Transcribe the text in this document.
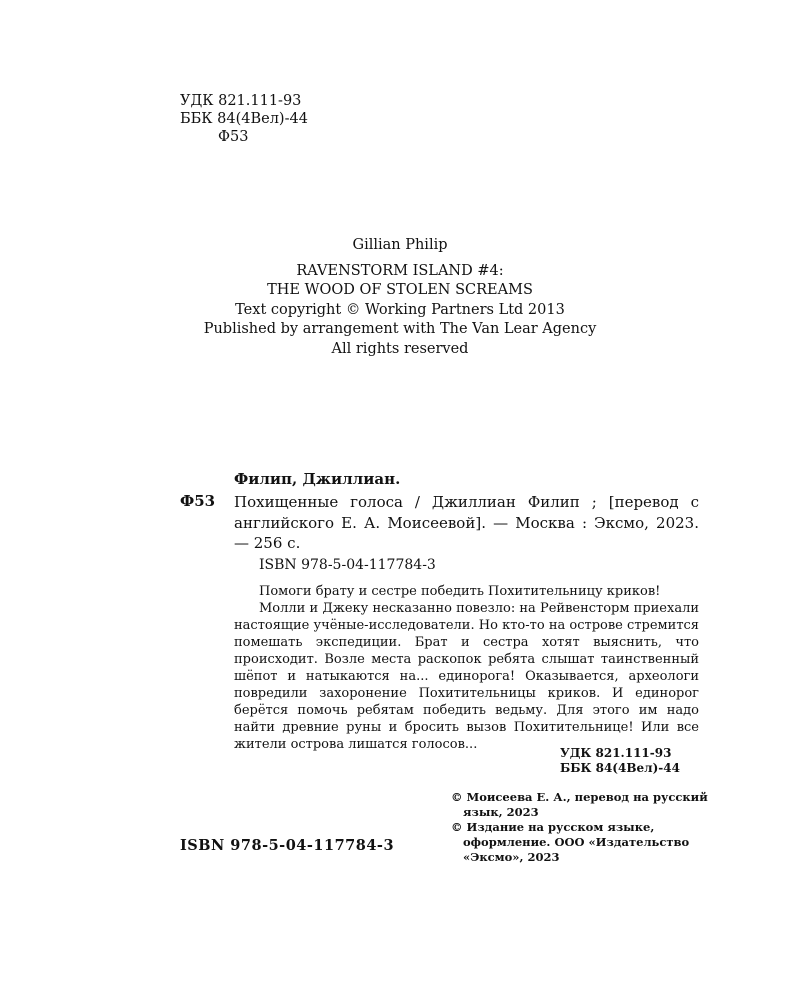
УДК 821.111-93
ББК 84(4Вел)-44
Ф53
Gillian Philip
RAVENSTORM ISLAND #4:
THE WOOD OF STOLEN SCREAMS
Text copyright © Working Partners Ltd 2013
Published by arrangement with The Van Lear Agency
All rights reserved
Филип, Джиллиан.
Ф53 Похищенные голоса / Джиллиан Филип ; [перевод с английского Е. А. Моисеевой]. — Москва : Эксмо, 2023. — 256 с.
ISBN 978-5-04-117784-3

Помоги брату и сестре победить Похитительницу криков!

Молли и Джеку несказанно повезло: на Рейвенсторм приехали настоящие учёные-исследователи. Но кто-то на острове стремится помешать экспедиции. Брат и сестра хотят выяснить, что происходит. Возле места раскопок ребята слышат таинственный шёпот и натыкаются на... единорога! Оказывается, археологи повредили захоронение Похитительницы криков. И единорог берётся помочь ребятам победить ведьму. Для этого им надо найти древние руны и бросить вызов Похитительнице! Или все жители острова лишатся голосов...

УДК 821.111-93
ББК 84(4Вел)-44
© Моисеева Е. А., перевод на русский язык, 2023
© Издание на русском языке, оформление. ООО «Издательство «Эксмо», 2023
ISBN 978-5-04-117784-3
